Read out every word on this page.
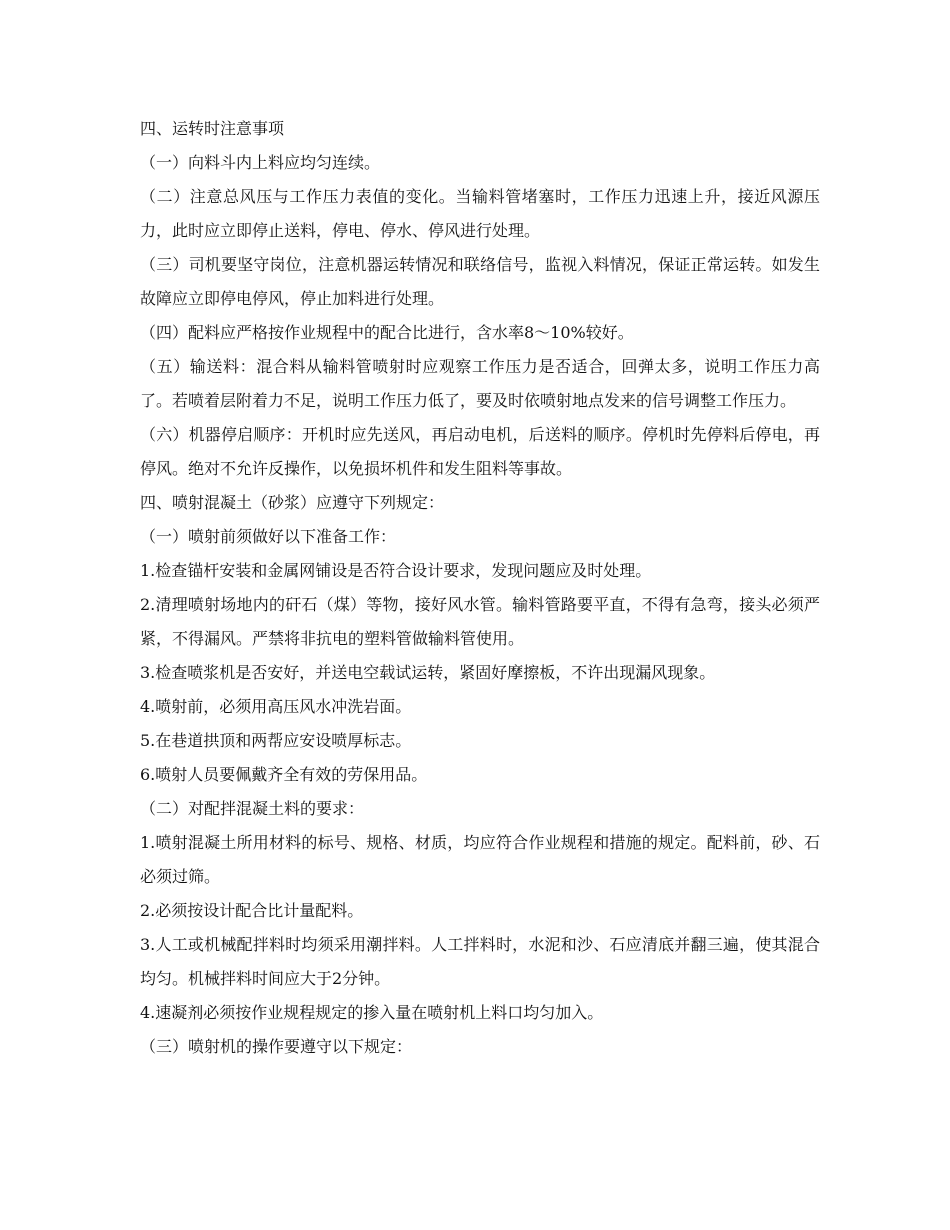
四、运转时注意事项

（一）向料斗内上料应均匀连续。

（二）注意总风压与工作压力表值的变化。当输料管堵塞时，工作压力迅速上升，接近风源压力，此时应立即停止送料，停电、停水、停风进行处理。

（三）司机要坚守岗位，注意机器运转情况和联络信号，监视入料情况，保证正常运转。如发生故障应立即停电停风，停止加料进行处理。

（四）配料应严格按作业规程中的配合比进行，含水率8～10%较好。

（五）输送料：混合料从输料管喷射时应观察工作压力是否适合，回弹太多，说明工作压力高了。若喷着层附着力不足，说明工作压力低了，要及时依喷射地点发来的信号调整工作压力。

（六）机器停启顺序：开机时应先送风，再启动电机，后送料的顺序。停机时先停料后停电，再停风。绝对不允许反操作，以免损坏机件和发生阻料等事故。

四、喷射混凝土（砂浆）应遵守下列规定：

（一）喷射前须做好以下准备工作：

1.检查锚杆安装和金属网铺设是否符合设计要求，发现问题应及时处理。

2.清理喷射场地内的矸石（煤）等物，接好风水管。输料管路要平直，不得有急弯，接头必须严紧，不得漏风。严禁将非抗电的塑料管做输料管使用。

3.检查喷浆机是否安好，并送电空载试运转，紧固好摩擦板，不许出现漏风现象。

4.喷射前，必须用高压风水冲洗岩面。

5.在巷道拱顶和两帮应安设喷厚标志。

6.喷射人员要佩戴齐全有效的劳保用品。

（二）对配拌混凝土料的要求：

1.喷射混凝土所用材料的标号、规格、材质，均应符合作业规程和措施的规定。配料前，砂、石必须过筛。

2.必须按设计配合比计量配料。

3.人工或机械配拌料时均须采用潮拌料。人工拌料时，水泥和沙、石应清底并翻三遍，使其混合均匀。机械拌料时间应大于2分钟。

4.速凝剂必须按作业规程规定的掺入量在喷射机上料口均匀加入。

（三）喷射机的操作要遵守以下规定：
